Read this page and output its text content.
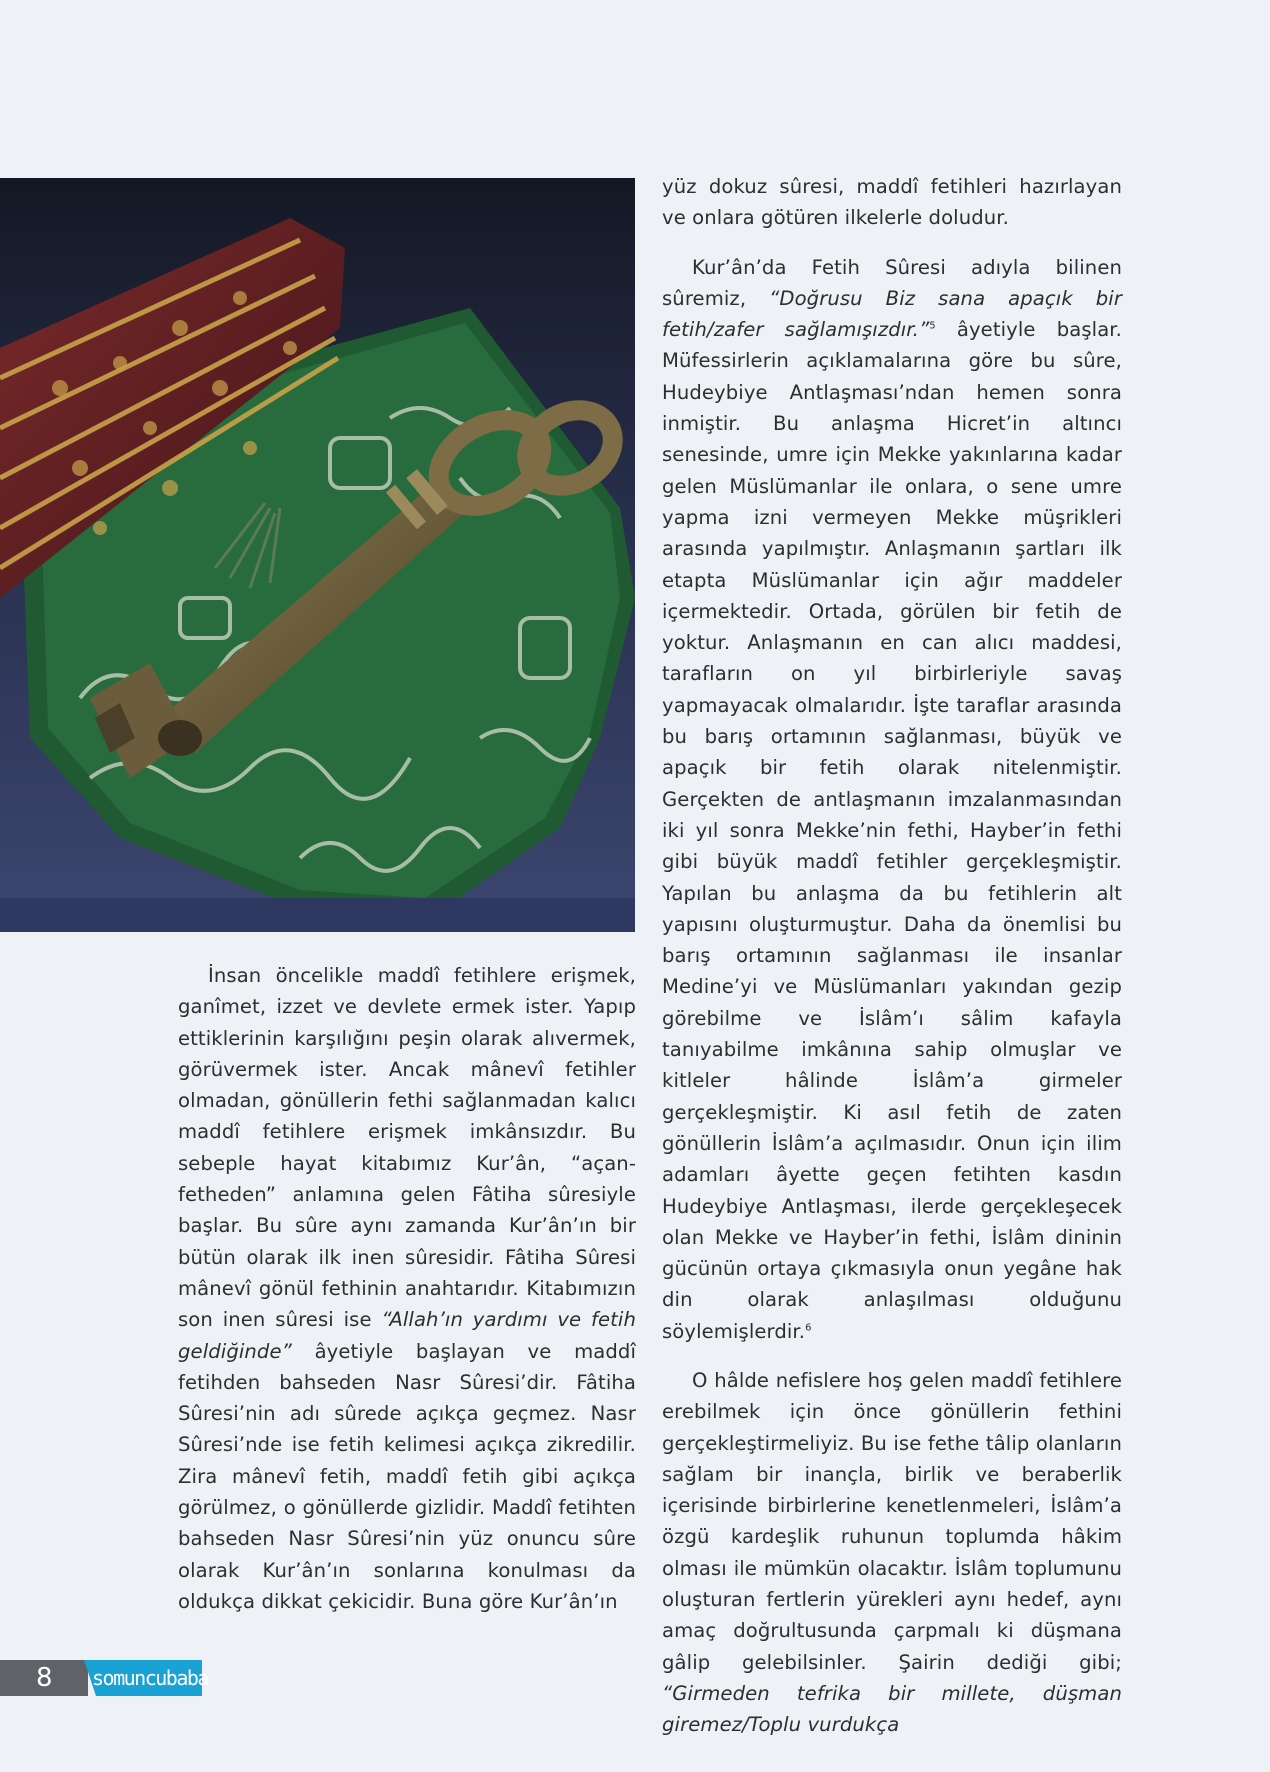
İnsan öncelikle maddî fetihlere erişmek, ganîmet, izzet ve devlete ermek ister. Yapıp ettiklerinin karşılığını peşin olarak alıvermek, görüvermek ister. Ancak mânevî fetihler olmadan, gönüllerin fethi sağlanmadan kalıcı maddî fetihlere erişmek imkânsızdır. Bu sebeple hayat kitabımız Kur’ân, “açan-fetheden” anlamına gelen Fâtiha sûresiyle başlar. Bu sûre aynı zamanda Kur’ân’ın bir bütün olarak ilk inen sûresidir. Fâtiha Sûresi mânevî gönül fethinin anahtarıdır. Kitabımızın son inen sûresi ise “Allah’ın yardımı ve fetih geldiğinde” âyetiyle başlayan ve maddî fetihden bahseden Nasr Sûresi’dir. Fâtiha Sûresi’nin adı sûrede açıkça geçmez. Nasr Sûresi’nde ise fetih kelimesi açıkça zikredilir. Zira mânevî fetih, maddî fetih gibi açıkça görülmez, o gönüllerde gizlidir. Maddî fetihten bahseden Nasr Sûresi’nin yüz onuncu sûre olarak Kur’ân’ın sonlarına konulması da oldukça dikkat çekicidir. Buna göre Kur’ân’ın

yüz dokuz sûresi, maddî fetihleri hazırlayan ve onlara götüren ilkelerle doludur.

Kur’ân’da Fetih Sûresi adıyla bilinen sûremiz, “Doğrusu Biz sana apaçık bir fetih/zafer sağlamışızdır.”$^5$ âyetiyle başlar. Müfessirlerin açıklamalarına göre bu sûre, Hudeybiye Antlaşması’ndan hemen sonra inmiştir. Bu anlaşma Hicret’in altıncı senesinde, umre için Mekke yakınlarına kadar gelen Müslümanlar ile onlara, o sene umre yapma izni vermeyen Mekke müşrikleri arasında yapılmıştır. Anlaşmanın şartları ilk etapta Müslümanlar için ağır maddeler içermektedir. Ortada, görülen bir fetih de yoktur. Anlaşmanın en can alıcı maddesi, tarafların on yıl birbirleriyle savaş yapmayacak olmalarıdır. İşte taraflar arasında bu barış ortamının sağlanması, büyük ve apaçık bir fetih olarak nitelenmiştir. Gerçekten de antlaşmanın imzalanmasından iki yıl sonra Mekke’nin fethi, Hayber’in fethi gibi büyük maddî fetihler gerçekleşmiştir. Yapılan bu anlaşma da bu fetihlerin alt yapısını oluşturmuştur. Daha da önemlisi bu barış ortamının sağlanması ile insanlar Medine’yi ve Müslümanları yakından gezip görebilme ve İslâm’ı sâlim kafayla tanıyabilme imkânına sahip olmuşlar ve kitleler hâlinde İslâm’a girmeler gerçekleşmiştir. Ki asıl fetih de zaten gönüllerin İslâm’a açılmasıdır. Onun için ilim adamları âyette geçen fetihten kasdın Hudeybiye Antlaşması, ilerde gerçekleşecek olan Mekke ve Hayber’in fethi, İslâm dininin gücünün ortaya çıkmasıyla onun yegâne hak din olarak anlaşılması olduğunu söylemişlerdir.$^6$

O hâlde nefislere hoş gelen maddî fetihlere erebilmek için önce gönüllerin fethini gerçekleştirmeliyiz. Bu ise fethe tâlip olanların sağlam bir inançla, birlik ve beraberlik içerisinde birbirlerine kenetlenmeleri, İslâm’a özgü kardeşlik ruhunun toplumda hâkim olması ile mümkün olacaktır. İslâm toplumunu oluşturan fertlerin yürekleri aynı hedef, aynı amaç doğrultusunda çarpmalı ki düşmana gâlip gelebilsinler. Şairin dediği gibi; “Girmeden tefrika bir millete, düşman giremez/Toplu vurdukça

8 somuncubaba
